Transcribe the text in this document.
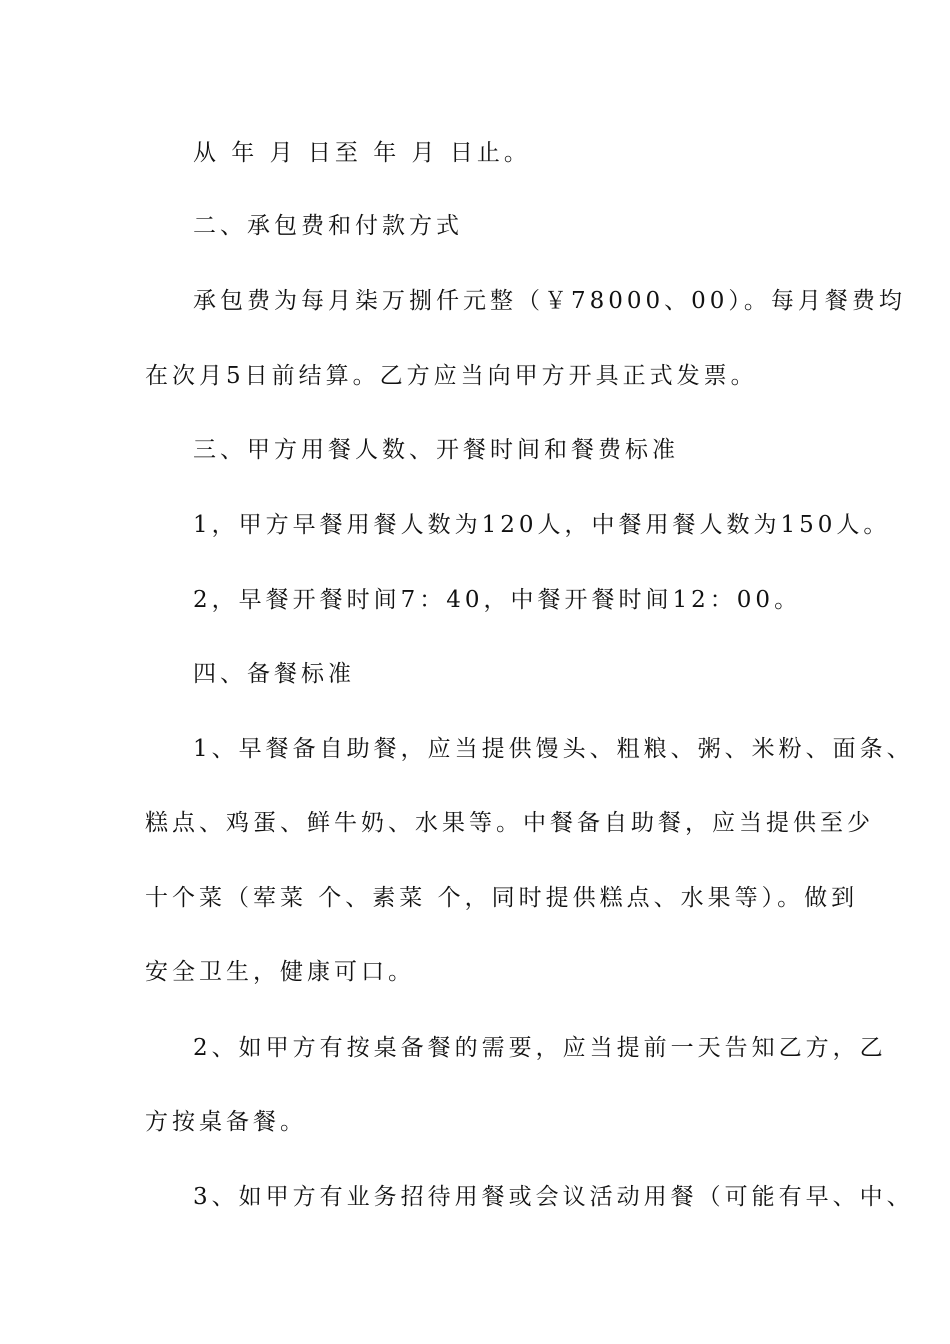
从 年 月 日至 年 月 日止。
二、承包费和付款方式
承包费为每月柒万捌仟元整（￥78000、00）。每月餐费均
在次月5日前结算。乙方应当向甲方开具正式发票。
三、甲方用餐人数、开餐时间和餐费标准
1，甲方早餐用餐人数为120人，中餐用餐人数为150人。
2，早餐开餐时间7：40，中餐开餐时间12：00。
四、备餐标准
1、早餐备自助餐，应当提供馒头、粗粮、粥、米粉、面条、
糕点、鸡蛋、鲜牛奶、水果等。中餐备自助餐，应当提供至少
十个菜（荤菜 个、素菜 个，同时提供糕点、水果等）。做到
安全卫生，健康可口。
2、如甲方有按桌备餐的需要，应当提前一天告知乙方，乙
方按桌备餐。
3、如甲方有业务招待用餐或会议活动用餐（可能有早、中、
